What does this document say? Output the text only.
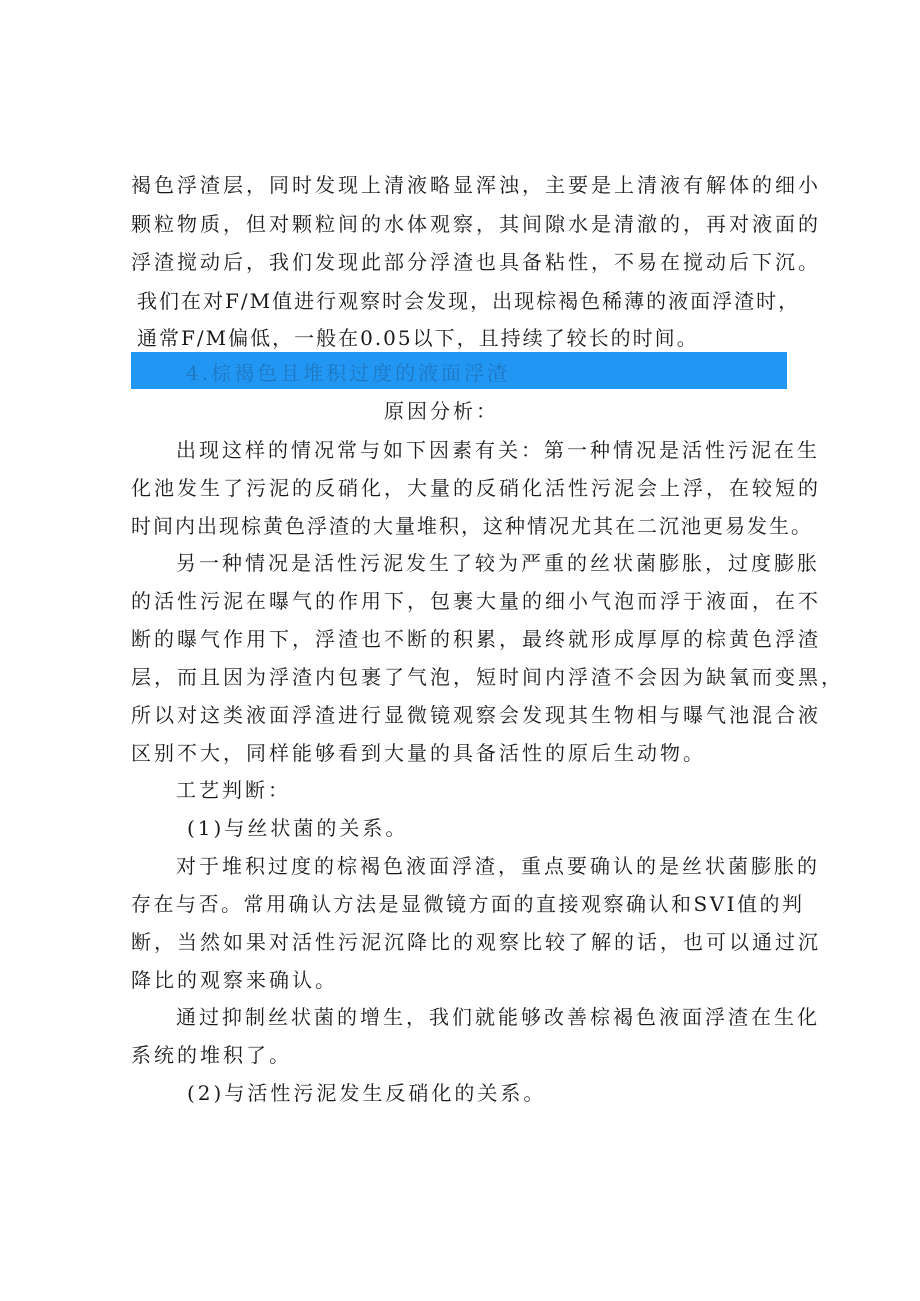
褐色浮渣层，同时发现上清液略显浑浊，主要是上清液有解体的细小
颗粒物质，但对颗粒间的水体观察，其间隙水是清澈的，再对液面的
浮渣搅动后，我们发现此部分浮渣也具备粘性，不易在搅动后下沉。
我们在对F/M值进行观察时会发现，出现棕褐色稀薄的液面浮渣时，
通常F/M偏低，一般在0.05以下，且持续了较长的时间。
4.棕褐色且堆积过度的液面浮渣
原因分析：
出现这样的情况常与如下因素有关：第一种情况是活性污泥在生
化池发生了污泥的反硝化，大量的反硝化活性污泥会上浮，在较短的
时间内出现棕黄色浮渣的大量堆积，这种情况尤其在二沉池更易发生。
另一种情况是活性污泥发生了较为严重的丝状菌膨胀，过度膨胀
的活性污泥在曝气的作用下，包裹大量的细小气泡而浮于液面，在不
断的曝气作用下，浮渣也不断的积累，最终就形成厚厚的棕黄色浮渣
层，而且因为浮渣内包裹了气泡，短时间内浮渣不会因为缺氧而变黑，
所以对这类液面浮渣进行显微镜观察会发现其生物相与曝气池混合液
区别不大，同样能够看到大量的具备活性的原后生动物。
工艺判断：
(1)与丝状菌的关系。
对于堆积过度的棕褐色液面浮渣，重点要确认的是丝状菌膨胀的
存在与否。常用确认方法是显微镜方面的直接观察确认和SVI值的判
断，当然如果对活性污泥沉降比的观察比较了解的话，也可以通过沉
降比的观察来确认。
通过抑制丝状菌的增生，我们就能够改善棕褐色液面浮渣在生化
系统的堆积了。
(2)与活性污泥发生反硝化的关系。
